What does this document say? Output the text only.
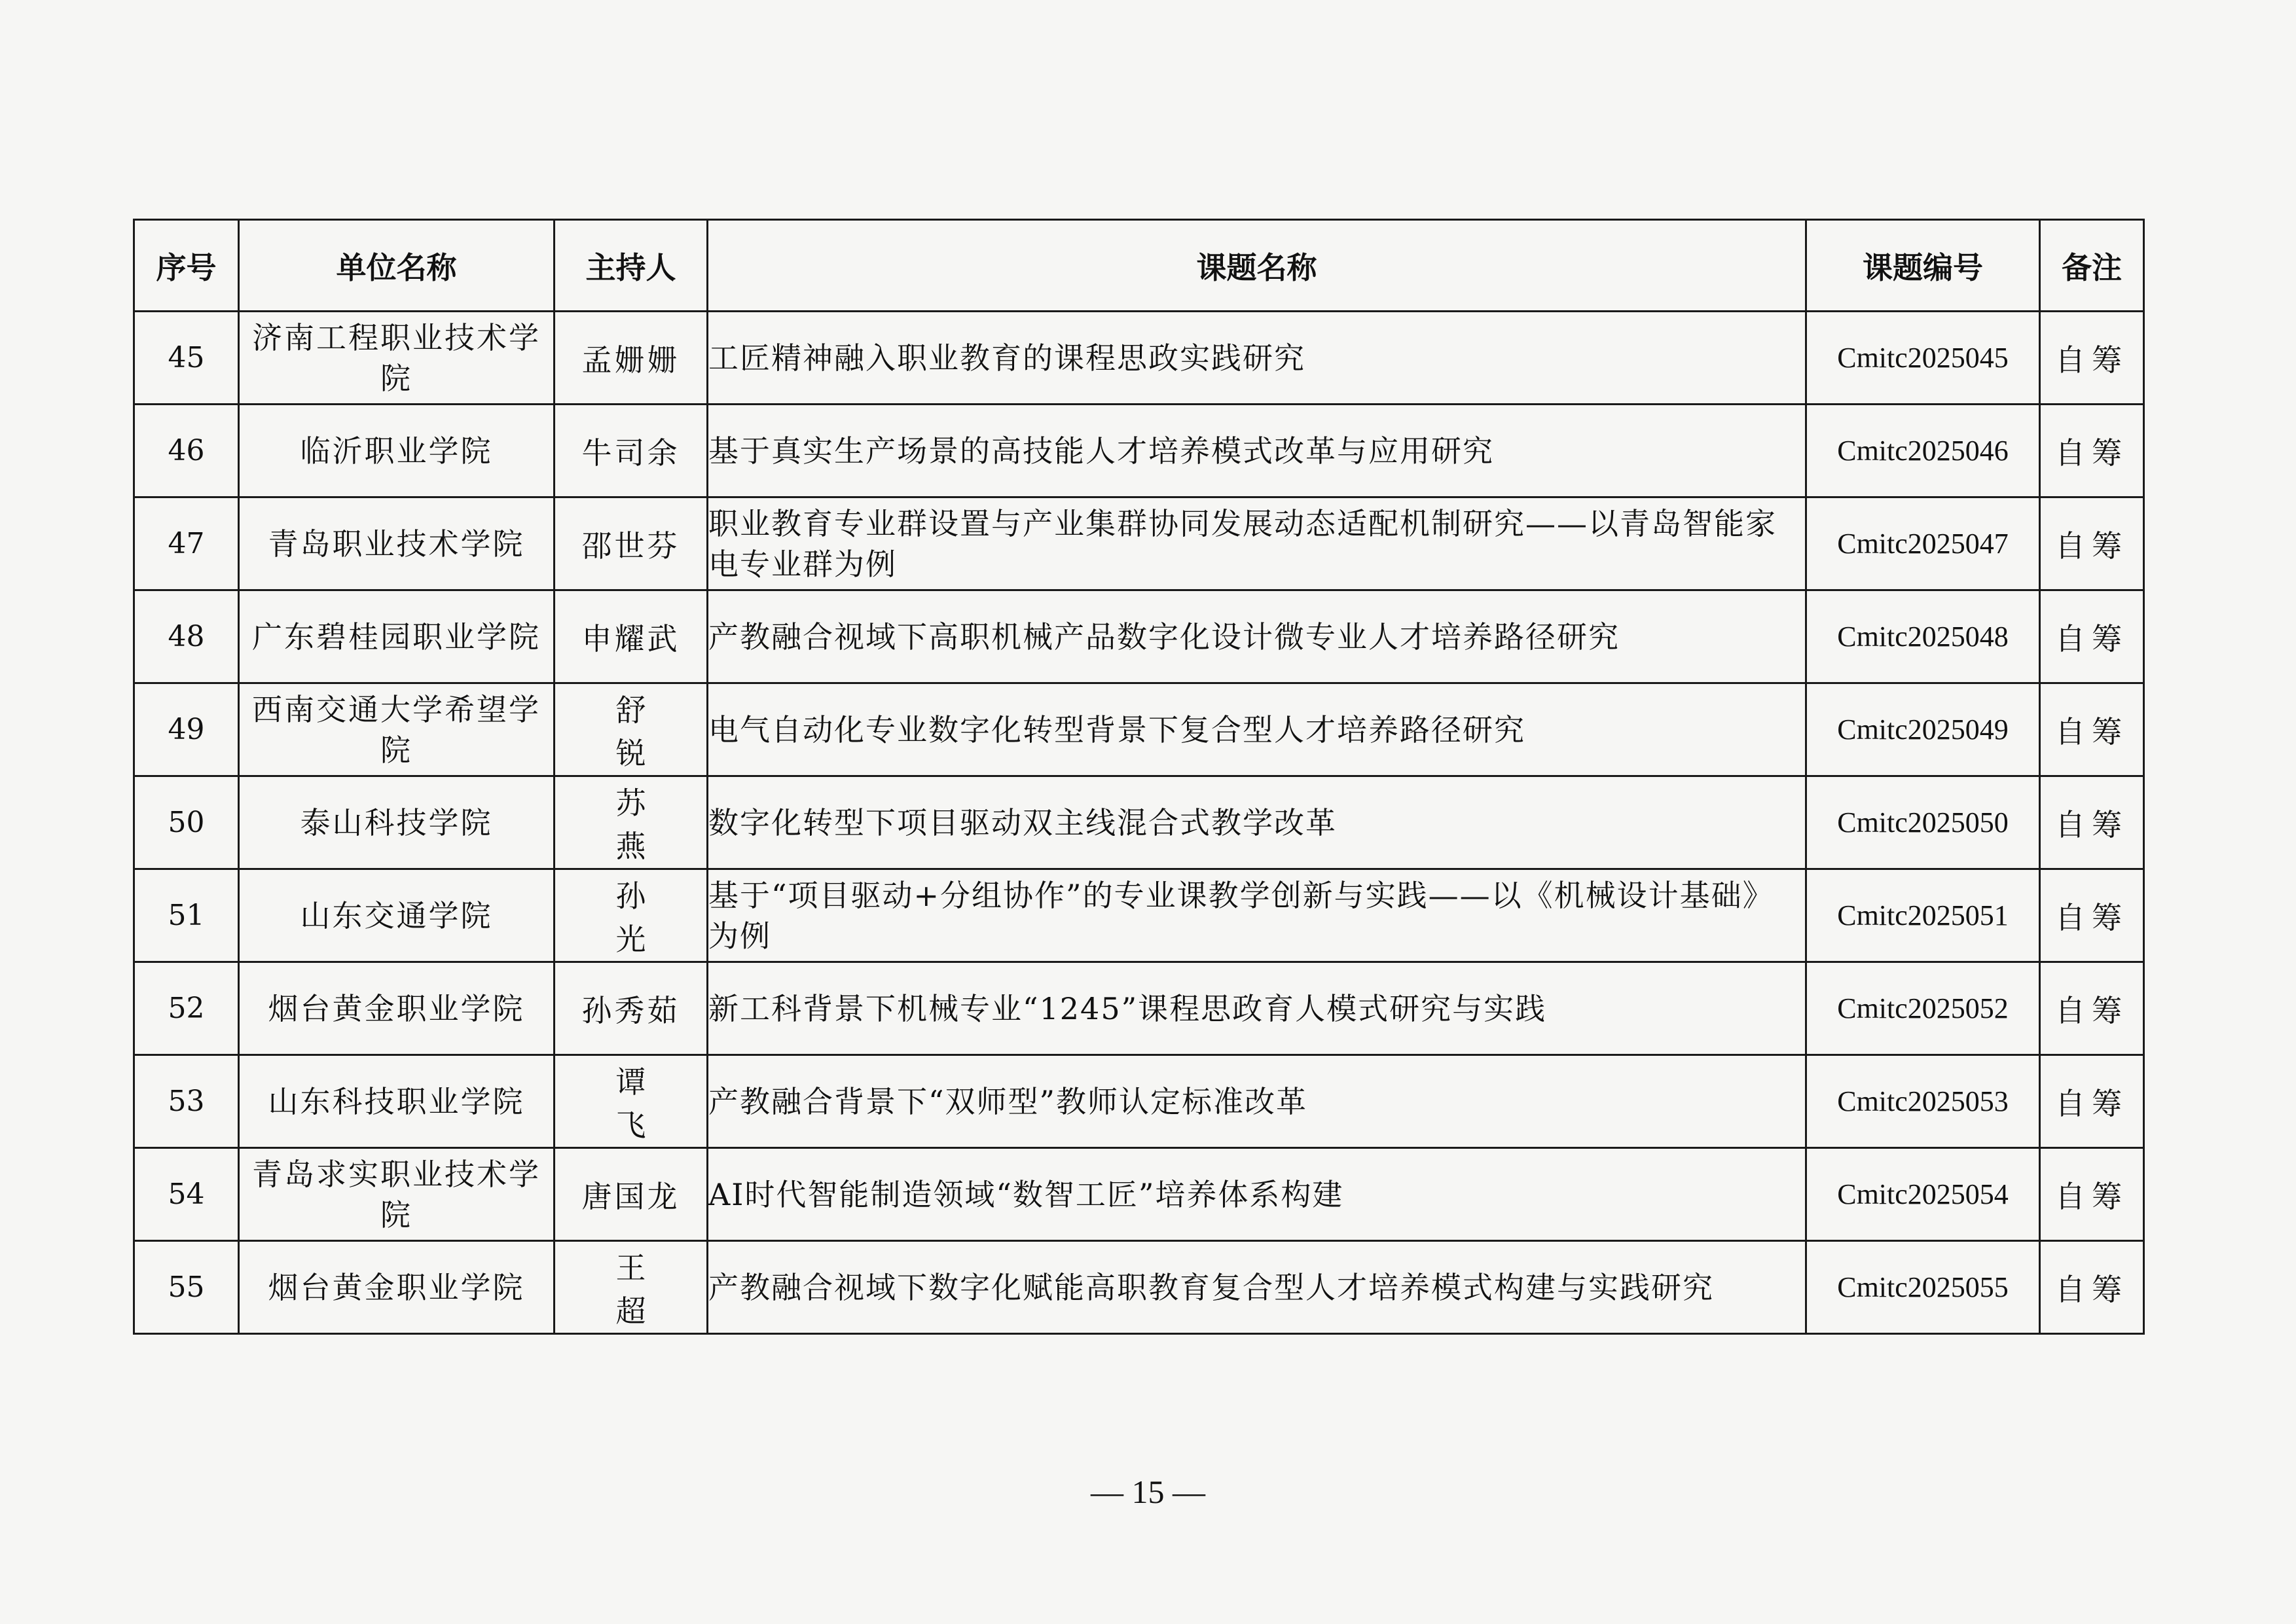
序号	单位名称	主持人	课题名称	课题编号	备注
45	济南工程职业技术学院	孟姗姗	工匠精神融入职业教育的课程思政实践研究	Cmitc2025045	自筹
46	临沂职业学院	牛司余	基于真实生产场景的高技能人才培养模式改革与应用研究	Cmitc2025046	自筹
47	青岛职业技术学院	邵世芬	职业教育专业群设置与产业集群协同发展动态适配机制研究——以青岛智能家电专业群为例	Cmitc2025047	自筹
48	广东碧桂园职业学院	申耀武	产教融合视域下高职机械产品数字化设计微专业人才培养路径研究	Cmitc2025048	自筹
49	西南交通大学希望学院	舒锐	电气自动化专业数字化转型背景下复合型人才培养路径研究	Cmitc2025049	自筹
50	泰山科技学院	苏燕	数字化转型下项目驱动双主线混合式教学改革	Cmitc2025050	自筹
51	山东交通学院	孙光	基于“项目驱动+分组协作”的专业课教学创新与实践——以《机械设计基础》为例	Cmitc2025051	自筹
52	烟台黄金职业学院	孙秀茹	新工科背景下机械专业“1245”课程思政育人模式研究与实践	Cmitc2025052	自筹
53	山东科技职业学院	谭飞	产教融合背景下“双师型”教师认定标准改革	Cmitc2025053	自筹
54	青岛求实职业技术学院	唐国龙	AI时代智能制造领域“数智工匠”培养体系构建	Cmitc2025054	自筹
55	烟台黄金职业学院	王超	产教融合视域下数字化赋能高职教育复合型人才培养模式构建与实践研究	Cmitc2025055	自筹
— 15 —
